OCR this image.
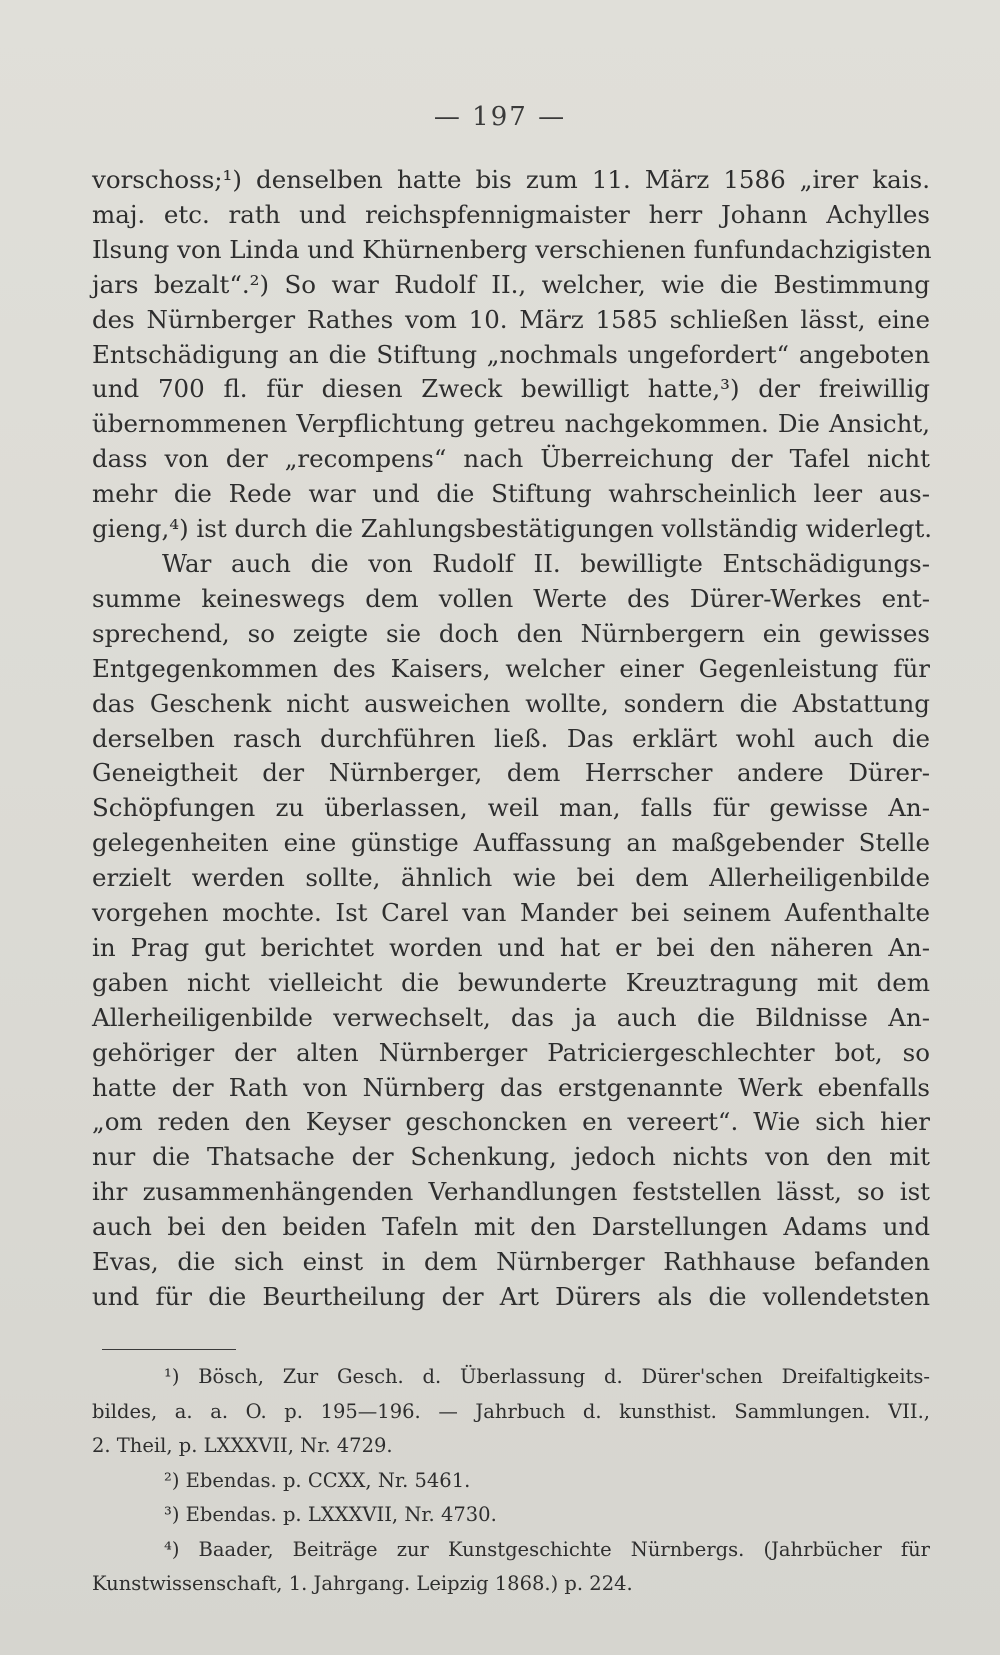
— 197 —
vorschoss;¹) denselben hatte bis zum 11. März 1586 „irer kais.
maj. etc. rath und reichspfennigmaister herr Johann Achylles
Ilsung von Linda und Khürnenberg verschienen funfundachzigisten
jars bezalt“.²) So war Rudolf II., welcher, wie die Bestimmung
des Nürnberger Rathes vom 10. März 1585 schließen lässt, eine
Entschädigung an die Stiftung „nochmals ungefordert“ angeboten
und 700 fl. für diesen Zweck bewilligt hatte,³) der freiwillig
übernommenen Verpflichtung getreu nachgekommen. Die Ansicht,
dass von der „recompens“ nach Überreichung der Tafel nicht
mehr die Rede war und die Stiftung wahrscheinlich leer aus-
gieng,⁴) ist durch die Zahlungsbestätigungen vollständig widerlegt.
War auch die von Rudolf II. bewilligte Entschädigungs-
summe keineswegs dem vollen Werte des Dürer-Werkes ent-
sprechend, so zeigte sie doch den Nürnbergern ein gewisses
Entgegenkommen des Kaisers, welcher einer Gegenleistung für
das Geschenk nicht ausweichen wollte, sondern die Abstattung
derselben rasch durchführen ließ. Das erklärt wohl auch die
Geneigtheit der Nürnberger, dem Herrscher andere Dürer-
Schöpfungen zu überlassen, weil man, falls für gewisse An-
gelegenheiten eine günstige Auffassung an maßgebender Stelle
erzielt werden sollte, ähnlich wie bei dem Allerheiligenbilde
vorgehen mochte. Ist Carel van Mander bei seinem Aufenthalte
in Prag gut berichtet worden und hat er bei den näheren An-
gaben nicht vielleicht die bewunderte Kreuztragung mit dem
Allerheiligenbilde verwechselt, das ja auch die Bildnisse An-
gehöriger der alten Nürnberger Patriciergeschlechter bot, so
hatte der Rath von Nürnberg das erstgenannte Werk ebenfalls
„om reden den Keyser geschoncken en vereert“. Wie sich hier
nur die Thatsache der Schenkung, jedoch nichts von den mit
ihr zusammenhängenden Verhandlungen feststellen lässt, so ist
auch bei den beiden Tafeln mit den Darstellungen Adams und
Evas, die sich einst in dem Nürnberger Rathhause befanden
und für die Beurtheilung der Art Dürers als die vollendetsten
¹) Bösch, Zur Gesch. d. Überlassung d. Dürer'schen Dreifaltigkeits-
bildes, a. a. O. p. 195—196. — Jahrbuch d. kunsthist. Sammlungen. VII.,
2. Theil, p. LXXXVII, Nr. 4729.
²) Ebendas. p. CCXX, Nr. 5461.
³) Ebendas. p. LXXXVII, Nr. 4730.
⁴) Baader, Beiträge zur Kunstgeschichte Nürnbergs. (Jahrbücher für
Kunstwissenschaft, 1. Jahrgang. Leipzig 1868.) p. 224.
